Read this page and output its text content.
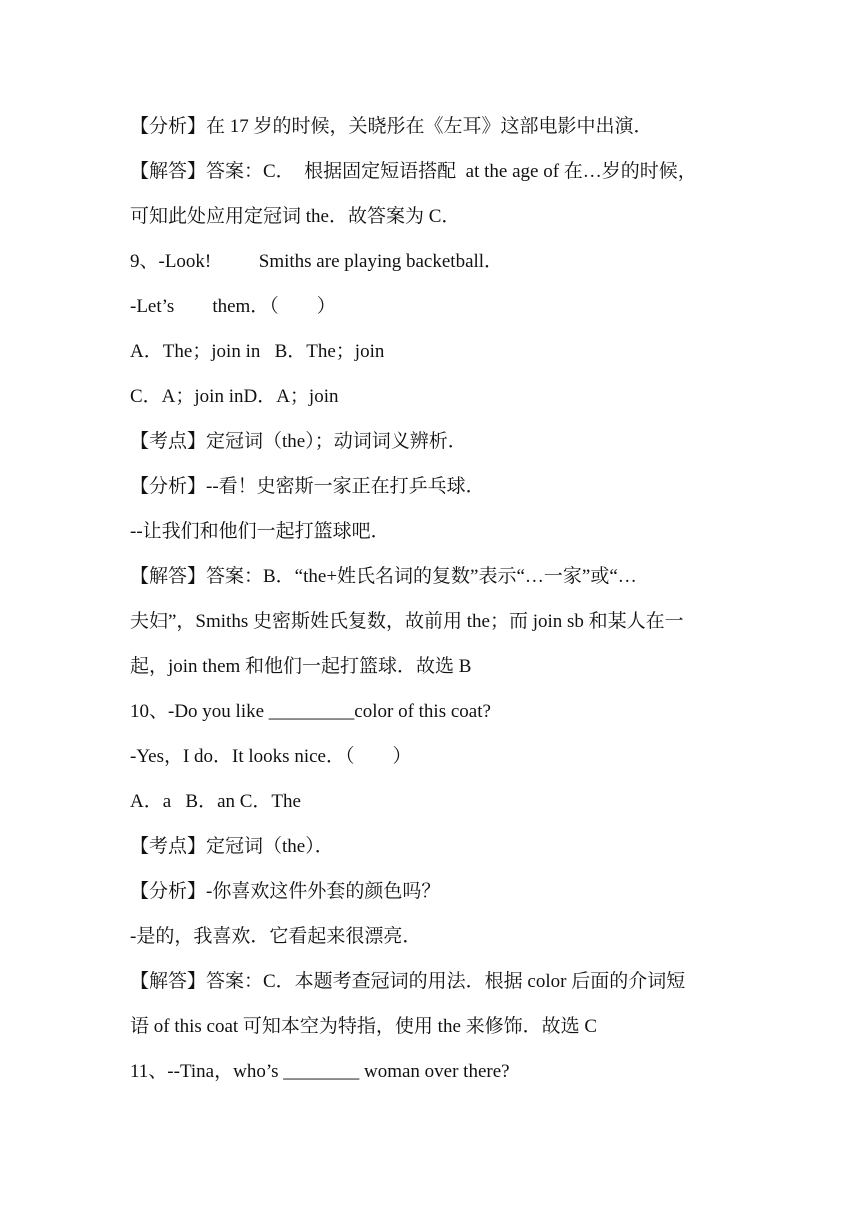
【分析】在 17 岁的时候，关晓彤在《左耳》这部电影中出演．
【解答】答案：C．  根据固定短语搭配  at the age of 在…岁的时候，
可知此处应用定冠词 the．故答案为 C．
9、-Look!          Smiths are playing backetball．
-Let’s        them．（        ）
A．The；join in   B．The；join
C．A；join inD．A；join
【考点】定冠词（the）；动词词义辨析．
【分析】--看！史密斯一家正在打乒乓球．
--让我们和他们一起打篮球吧．
【解答】答案：B．“the+姓氏名词的复数”表示“…一家”或“…
夫妇”，Smiths 史密斯姓氏复数，故前用 the；而 join sb 和某人在一
起，join them 和他们一起打篮球．故选 B
10、-Do you like _________color of this coat?
-Yes，I do．It looks nice．（        ）
A．a   B．an C．The
【考点】定冠词（the）．
【分析】-你喜欢这件外套的颜色吗？
-是的，我喜欢．它看起来很漂亮．
【解答】答案：C．本题考查冠词的用法．根据 color 后面的介词短
语 of this coat 可知本空为特指，使用 the 来修饰．故选 C
11、--Tina，who’s ________ woman over there?
